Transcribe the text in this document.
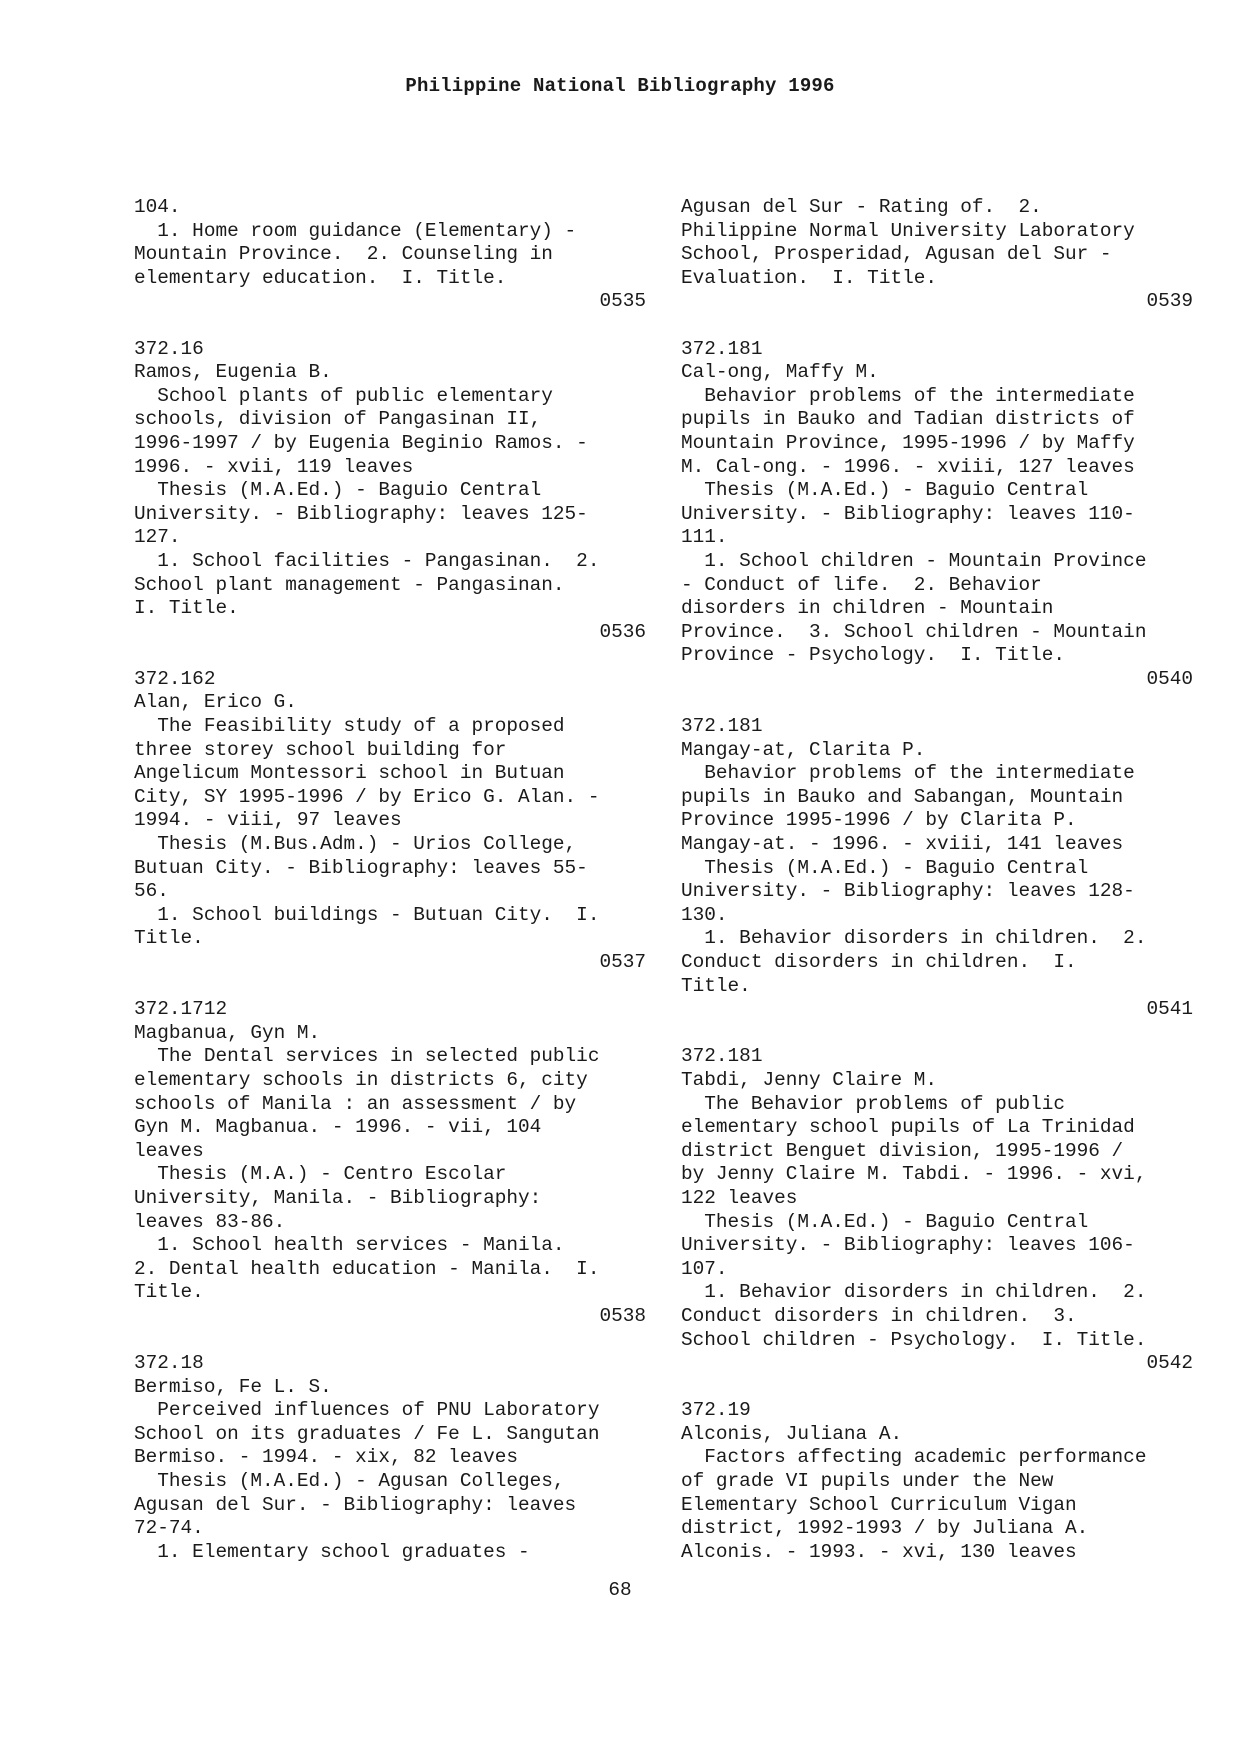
Philippine National Bibliography 1996
104.
1. Home room guidance (Elementary) -
Mountain Province.  2. Counseling in
elementary education.  I. Title.
0535
372.16
Ramos, Eugenia B.
School plants of public elementary
schools, division of Pangasinan II,
1996-1997 / by Eugenia Beginio Ramos. -
1996. - xvii, 119 leaves
Thesis (M.A.Ed.) - Baguio Central
University. - Bibliography: leaves 125-
127.
1. School facilities - Pangasinan.  2.
School plant management - Pangasinan.
I. Title.
0536
372.162
Alan, Erico G.
The Feasibility study of a proposed
three storey school building for
Angelicum Montessori school in Butuan
City, SY 1995-1996 / by Erico G. Alan. -
1994. - viii, 97 leaves
Thesis (M.Bus.Adm.) - Urios College,
Butuan City. - Bibliography: leaves 55-
56.
1. School buildings - Butuan City.  I.
Title.
0537
372.1712
Magbanua, Gyn M.
The Dental services in selected public
elementary schools in districts 6, city
schools of Manila : an assessment / by
Gyn M. Magbanua. - 1996. - vii, 104
leaves
Thesis (M.A.) - Centro Escolar
University, Manila. - Bibliography:
leaves 83-86.
1. School health services - Manila.
2. Dental health education - Manila.  I.
Title.
0538
372.18
Bermiso, Fe L. S.
Perceived influences of PNU Laboratory
School on its graduates / Fe L. Sangutan
Bermiso. - 1994. - xix, 82 leaves
Thesis (M.A.Ed.) - Agusan Colleges,
Agusan del Sur. - Bibliography: leaves
72-74.
1. Elementary school graduates -
Agusan del Sur - Rating of.  2.
Philippine Normal University Laboratory
School, Prosperidad, Agusan del Sur -
Evaluation.  I. Title.
0539
372.181
Cal-ong, Maffy M.
Behavior problems of the intermediate
pupils in Bauko and Tadian districts of
Mountain Province, 1995-1996 / by Maffy
M. Cal-ong. - 1996. - xviii, 127 leaves
Thesis (M.A.Ed.) - Baguio Central
University. - Bibliography: leaves 110-
111.
1. School children - Mountain Province
- Conduct of life.  2. Behavior
disorders in children - Mountain
Province.  3. School children - Mountain
Province - Psychology.  I. Title.
0540
372.181
Mangay-at, Clarita P.
Behavior problems of the intermediate
pupils in Bauko and Sabangan, Mountain
Province 1995-1996 / by Clarita P.
Mangay-at. - 1996. - xviii, 141 leaves
Thesis (M.A.Ed.) - Baguio Central
University. - Bibliography: leaves 128-
130.
1. Behavior disorders in children.  2.
Conduct disorders in children.  I.
Title.
0541
372.181
Tabdi, Jenny Claire M.
The Behavior problems of public
elementary school pupils of La Trinidad
district Benguet division, 1995-1996 /
by Jenny Claire M. Tabdi. - 1996. - xvi,
122 leaves
Thesis (M.A.Ed.) - Baguio Central
University. - Bibliography: leaves 106-
107.
1. Behavior disorders in children.  2.
Conduct disorders in children.  3.
School children - Psychology.  I. Title.
0542
372.19
Alconis, Juliana A.
Factors affecting academic performance
of grade VI pupils under the New
Elementary School Curriculum Vigan
district, 1992-1993 / by Juliana A.
Alconis. - 1993. - xvi, 130 leaves
68
